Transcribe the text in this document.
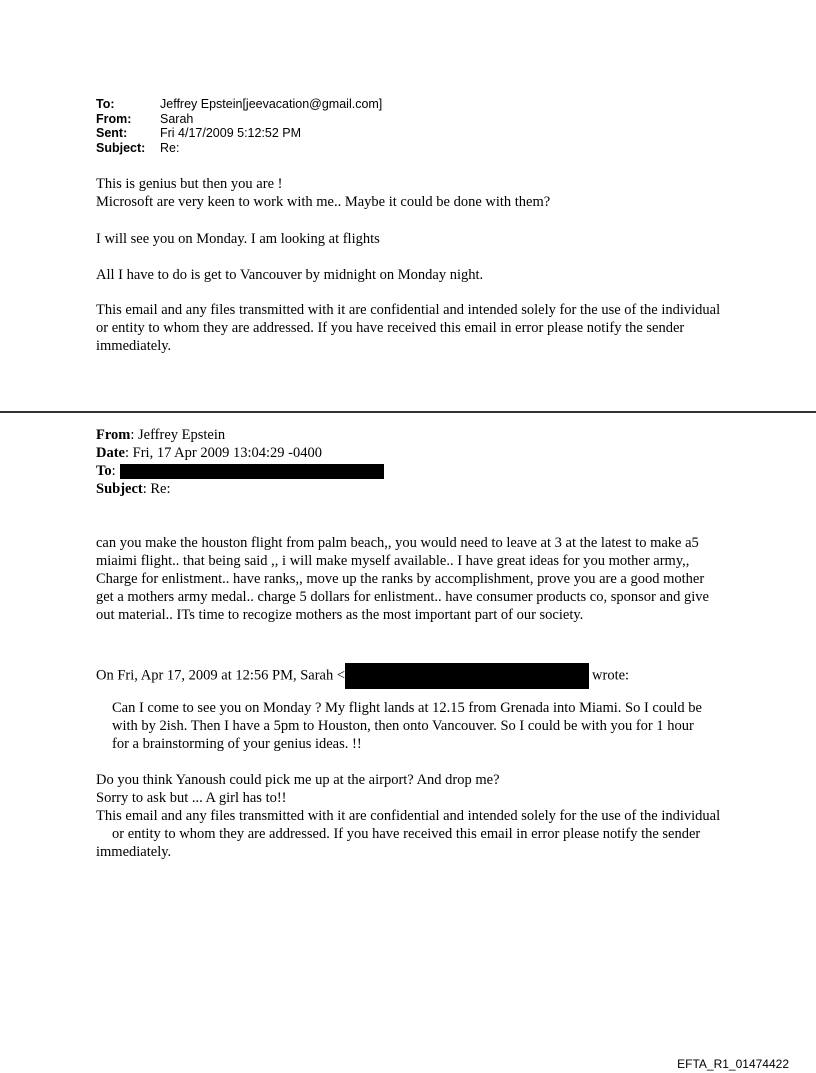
To:	Jeffrey Epstein[jeevacation@gmail.com]
From:	Sarah
Sent:	Fri 4/17/2009 5:12:52 PM
Subject:	Re:

This is genius but then you are !

Microsoft are very keen to work with me.. Maybe it could be done with them?

I will see you on Monday. I am looking at flights
All I have to do is get to Vancouver by midnight on Monday night.

This email and any files transmitted with it are confidential and intended solely for the use of the individual or entity to whom they are addressed. If you have received this email in error please notify the sender

immediately.

From: Jeffrey Epstein

Date: Fri, 17 Apr 2009 13:04:29 -0400

To:

Subject: Re:

can you make the houston flight from palm beach,, you would need to leave at 3 at the latest to make a5 miaimi flight.. that being said ,, i will make myself available.. I have great ideas for you mother army,, Charge for enlistment.. have ranks,, move up the ranks by accomplishment, prove you are a good mother get a mothers army medal.. charge 5 dollars for enlistment.. have consumer products co, sponsor and give out material.. ITs time to recogize mothers as the most important part of our society.
On Fri, Apr 17, 2009 at 12:56 PM, Sarah <	wrote:
Can I come to see you on Monday ? My flight lands at 12.15 from Grenada into Miami. So I could be with by 2ish. Then I have a 5pm to Houston, then onto Vancouver. So I could be with you for 1 hour for a brainstorming of your genius ideas. !!

Do you think Yanoush could pick me up at the airport? And drop me?

Sorry to ask but ... A girl has to!!

This email and any files transmitted with it are confidential and intended solely for the use of the individual or entity to whom they are addressed. If you have received this email in error please notify the sender

immediately.

EFTA_R1_01474422
